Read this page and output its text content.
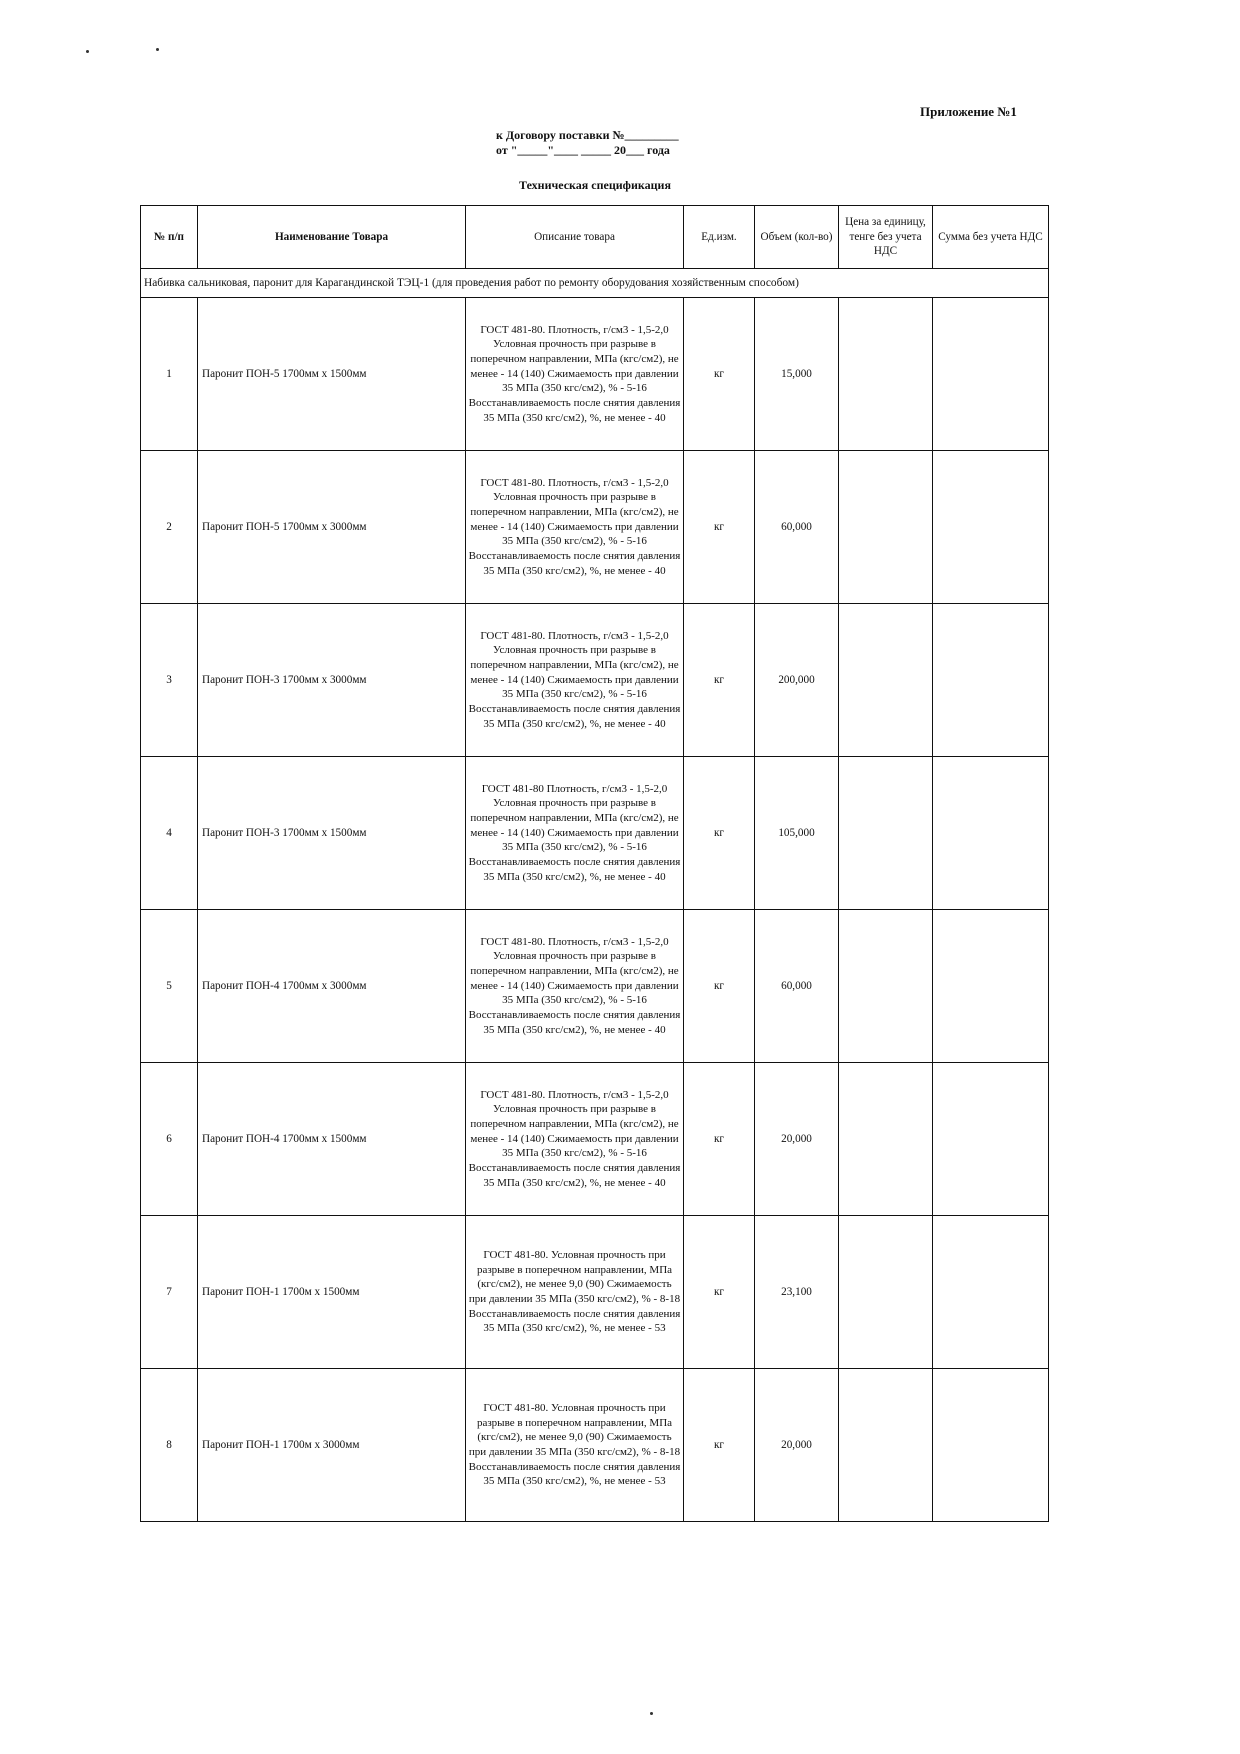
Приложение №1
к Договору поставки №_________
от "_____"____ _____ 20___ года
Техническая спецификация
№ п/п	Наименование Товара	Описание товара	Ед.изм.	Объем (кол-во)	Цена за единицу, тенге без учета НДС	Сумма без учета НДС
Набивка сальниковая, паронит для Карагандинской ТЭЦ-1 (для проведения работ по ремонту оборудования хозяйственным способом)						
1	Паронит ПОН-5 1700мм x 1500мм	ГОСТ 481-80. Плотность, г/см3 - 1,5-2,0 Условная прочность при разрыве в поперечном направлении, МПа (кгс/см2), не менее - 14 (140) Сжимаемость при давлении 35 МПа (350 кгс/см2), % - 5-16 Восстанавливаемость после снятия давления 35 МПа (350 кгс/см2), %, не менее - 40	кг	15,000		
2	Паронит ПОН-5 1700мм x 3000мм	ГОСТ 481-80. Плотность, г/см3 - 1,5-2,0 Условная прочность при разрыве в поперечном направлении, МПа (кгс/см2), не менее - 14 (140) Сжимаемость при давлении 35 МПа (350 кгс/см2), % - 5-16 Восстанавливаемость после снятия давления 35 МПа (350 кгс/см2), %, не менее - 40	кг	60,000		
3	Паронит ПОН-3 1700мм x 3000мм	ГОСТ 481-80. Плотность, г/см3 - 1,5-2,0 Условная прочность при разрыве в поперечном направлении, МПа (кгс/см2), не менее - 14 (140) Сжимаемость при давлении 35 МПа (350 кгс/см2), % - 5-16 Восстанавливаемость после снятия давления 35 МПа (350 кгс/см2), %, не менее - 40	кг	200,000		
4	Паронит ПОН-3 1700мм x 1500мм	ГОСТ 481-80 Плотность, г/см3 - 1,5-2,0 Условная прочность при разрыве в поперечном направлении, МПа (кгс/см2), не менее - 14 (140) Сжимаемость при давлении 35 МПа (350 кгс/см2), % - 5-16 Восстанавливаемость после снятия давления 35 МПа (350 кгс/см2), %, не менее - 40	кг	105,000		
5	Паронит ПОН-4 1700мм x 3000мм	ГОСТ 481-80. Плотность, г/см3 - 1,5-2,0 Условная прочность при разрыве в поперечном направлении, МПа (кгс/см2), не менее - 14 (140) Сжимаемость при давлении 35 МПа (350 кгс/см2), % - 5-16 Восстанавливаемость после снятия давления 35 МПа (350 кгс/см2), %, не менее - 40	кг	60,000		
6	Паронит ПОН-4 1700мм x 1500мм	ГОСТ 481-80. Плотность, г/см3 - 1,5-2,0 Условная прочность при разрыве в поперечном направлении, МПа (кгс/см2), не менее - 14 (140) Сжимаемость при давлении 35 МПа (350 кгс/см2), % - 5-16 Восстанавливаемость после снятия давления 35 МПа (350 кгс/см2), %, не менее - 40	кг	20,000		
7	Паронит ПОН-1 1700м x 1500мм	ГОСТ 481-80. Условная прочность при разрыве в поперечном направлении, МПа (кгс/см2), не менее 9,0 (90) Сжимаемость при давлении 35 МПа (350 кгс/см2), % - 8-18 Восстанавливаемость после снятия давления 35 МПа (350 кгс/см2), %, не менее - 53	кг	23,100		
8	Паронит ПОН-1 1700м x 3000мм	ГОСТ 481-80. Условная прочность при разрыве в поперечном направлении, МПа (кгс/см2), не менее 9,0 (90) Сжимаемость при давлении 35 МПа (350 кгс/см2), % - 8-18 Восстанавливаемость после снятия давления 35 МПа (350 кгс/см2), %, не менее - 53	кг	20,000		
